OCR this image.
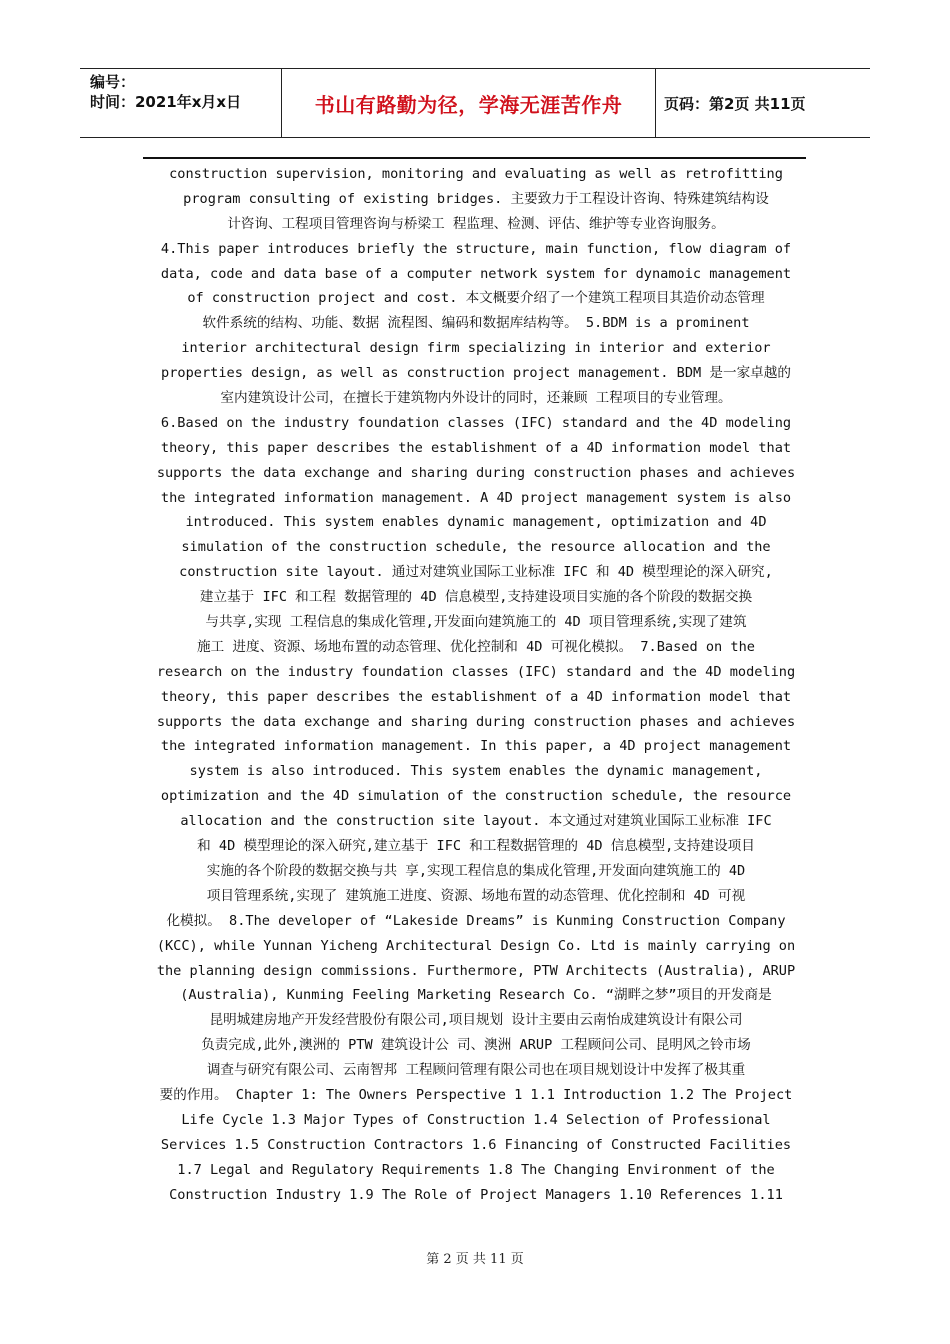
编号：
时间：2021年x月x日	书山有路勤为径，学海无涯苦作舟	页码：第2页 共11页
construction supervision, monitoring and evaluating as well as retrofitting
program consulting of existing bridges. 主要致力于工程设计咨询、特殊建筑结构设
计咨询、工程项目管理咨询与桥梁工 程监理、检测、评估、维护等专业咨询服务。
4.This paper introduces briefly the structure, main function, flow diagram of
data, code and data base of a computer network system for dynamoic management
of construction project and cost. 本文概要介绍了一个建筑工程项目其造价动态管理
软件系统的结构、功能、数据 流程图、编码和数据库结构等。 5.BDM is a prominent
interior architectural design firm specializing in interior and exterior
properties design, as well as construction project management. BDM 是一家卓越的
室内建筑设计公司，在擅长于建筑物内外设计的同时，还兼顾 工程项目的专业管理。
6.Based on the industry foundation classes (IFC) standard and the 4D modeling
theory, this paper describes the establishment of a 4D information model that
supports the data exchange and sharing during construction phases and achieves
the integrated information management. A 4D project management system is also
introduced. This system enables dynamic management, optimization and 4D
simulation of the construction schedule, the resource allocation and the
construction site layout. 通过对建筑业国际工业标准 IFC 和 4D 模型理论的深入研究,
建立基于 IFC 和工程 数据管理的 4D 信息模型,支持建设项目实施的各个阶段的数据交换
与共享,实现 工程信息的集成化管理,开发面向建筑施工的 4D 项目管理系统,实现了建筑
施工 进度、资源、场地布置的动态管理、优化控制和 4D 可视化模拟。 7.Based on the
research on the industry foundation classes (IFC) standard and the 4D modeling
theory, this paper describes the establishment of a 4D information model that
supports the data exchange and sharing during construction phases and achieves
the integrated information management. In this paper, a 4D project management
system is also introduced. This system enables the dynamic management,
optimization and the 4D simulation of the construction schedule, the resource
allocation and the construction site layout. 本文通过对建筑业国际工业标准 IFC
和 4D 模型理论的深入研究,建立基于 IFC 和工程数据管理的 4D 信息模型,支持建设项目
实施的各个阶段的数据交换与共 享,实现工程信息的集成化管理,开发面向建筑施工的 4D
项目管理系统,实现了 建筑施工进度、资源、场地布置的动态管理、优化控制和 4D 可视
化模拟。 8.The developer of “Lakeside Dreams” is Kunming Construction Company
(KCC), while Yunnan Yicheng Architectural Design Co. Ltd is mainly carrying on
the planning design commissions. Furthermore, PTW Architects (Australia), ARUP
(Australia), Kunming Feeling Marketing Research Co. “湖畔之梦”项目的开发商是
昆明城建房地产开发经营股份有限公司,项目规划 设计主要由云南怡成建筑设计有限公司
负责完成,此外,澳洲的 PTW 建筑设计公 司、澳洲 ARUP 工程顾问公司、昆明风之铃市场
调查与研究有限公司、云南智邦 工程顾问管理有限公司也在项目规划设计中发挥了极其重
要的作用。 Chapter 1: The Owners Perspective 1 1.1 Introduction 1.2 The Project
Life Cycle 1.3 Major Types of Construction 1.4 Selection of Professional
Services 1.5 Construction Contractors 1.6 Financing of Constructed Facilities
1.7 Legal and Regulatory Requirements 1.8 The Changing Environment of the
Construction Industry 1.9 The Role of Project Managers 1.10 References 1.11
第 2 页 共 11 页
